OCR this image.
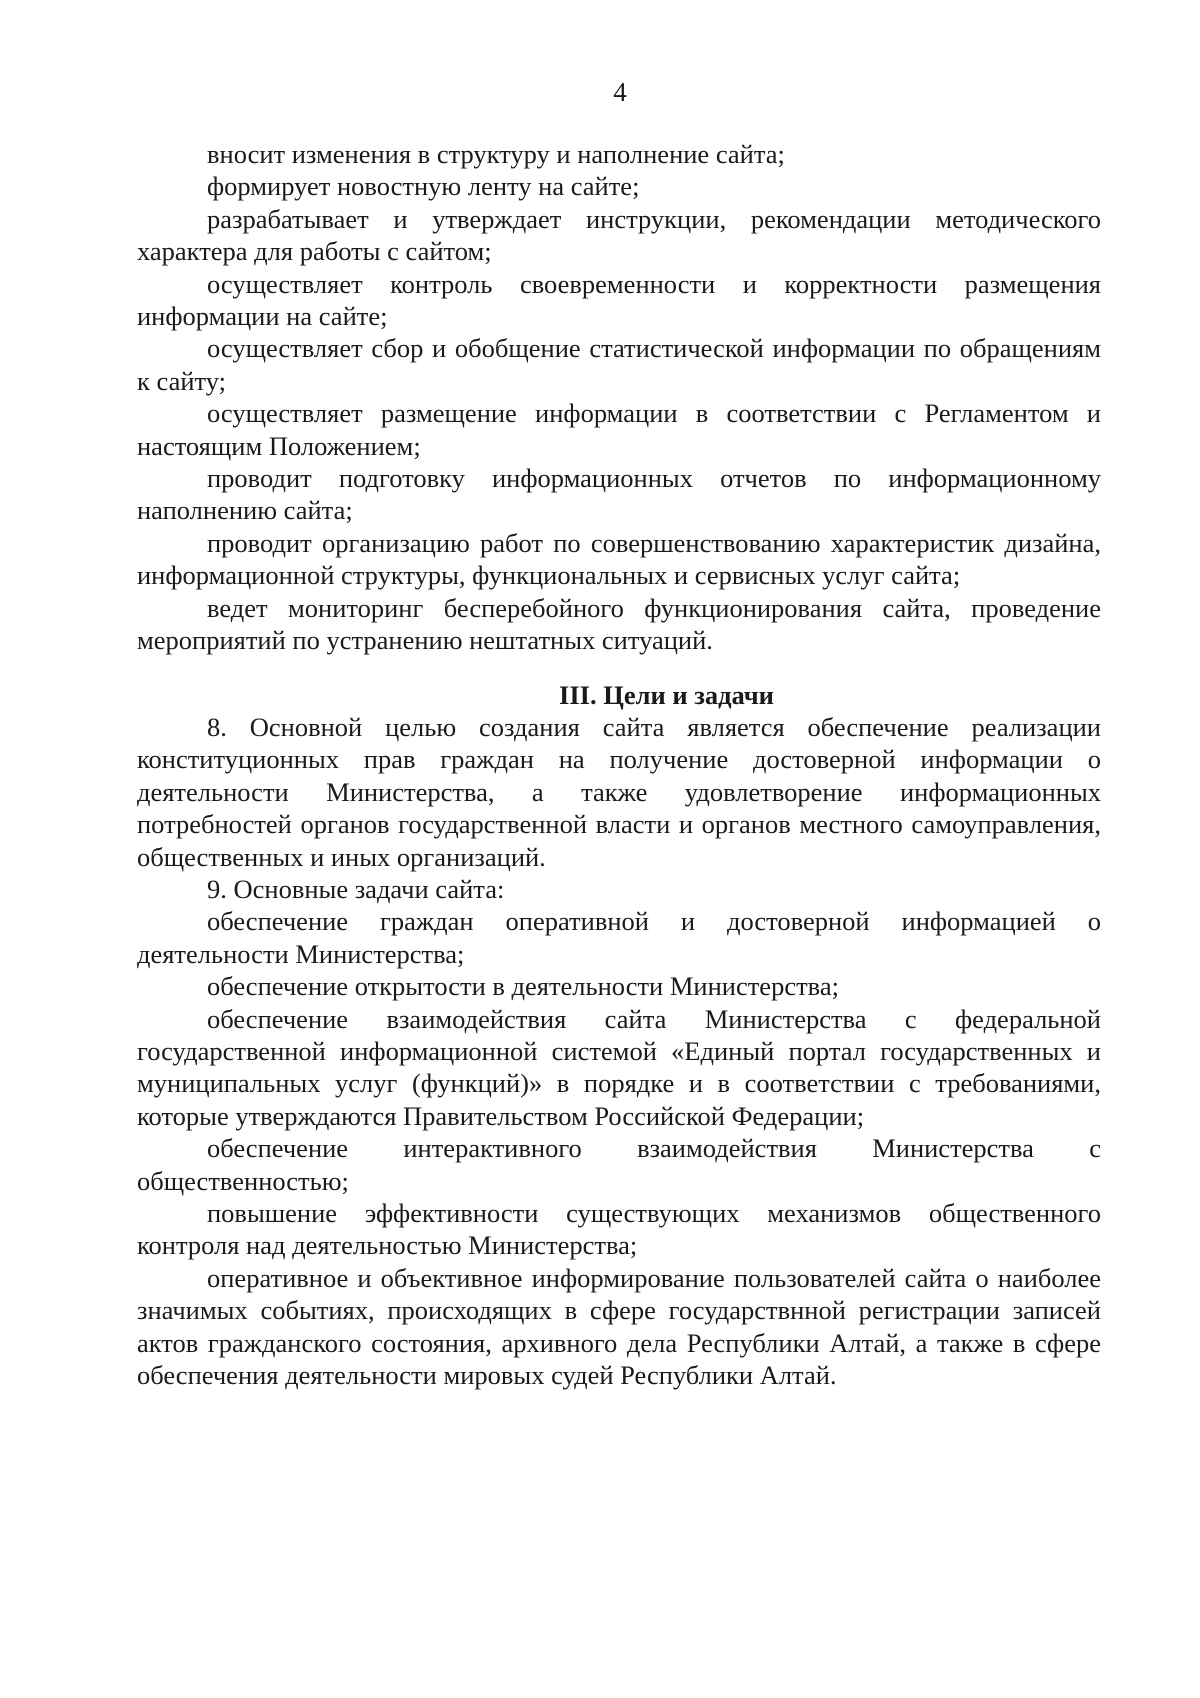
4

вносит изменения в структуру и наполнение сайта;

формирует новостную ленту на сайте;

разрабатывает и утверждает инструкции, рекомендации методического характера для работы с сайтом;

осуществляет контроль своевременности и корректности размещения информации на сайте;

осуществляет сбор и обобщение статистической информации по обращениям к сайту;

осуществляет размещение информации в соответствии с Регламентом и настоящим Положением;

проводит подготовку информационных отчетов по информационному наполнению сайта;

проводит организацию работ по совершенствованию характеристик дизайна, информационной структуры, функциональных и сервисных услуг сайта;

ведет мониторинг бесперебойного функционирования сайта, проведение мероприятий по устранению нештатных ситуаций.

III. Цели и задачи

8. Основной целью создания сайта является обеспечение реализации конституционных прав граждан на получение достоверной информации о деятельности Министерства, а также удовлетворение информационных потребностей органов государственной власти и органов местного самоуправления, общественных и иных организаций.

9. Основные задачи сайта:

обеспечение граждан оперативной и достоверной информацией о деятельности Министерства;

обеспечение открытости в деятельности Министерства;

обеспечение взаимодействия сайта Министерства с федеральной государственной информационной системой «Единый портал государственных и муниципальных услуг (функций)» в порядке и в соответствии с требованиями, которые утверждаются Правительством Российской Федерации;

обеспечение интерактивного взаимодействия Министерства с общественностью;

повышение эффективности существующих механизмов общественного контроля над деятельностью Министерства;

оперативное и объективное информирование пользователей сайта о наиболее значимых событиях, происходящих в сфере государствнной регистрации записей актов гражданского состояния, архивного дела Республики Алтай, а также в сфере обеспечения деятельности мировых судей Республики Алтай.
